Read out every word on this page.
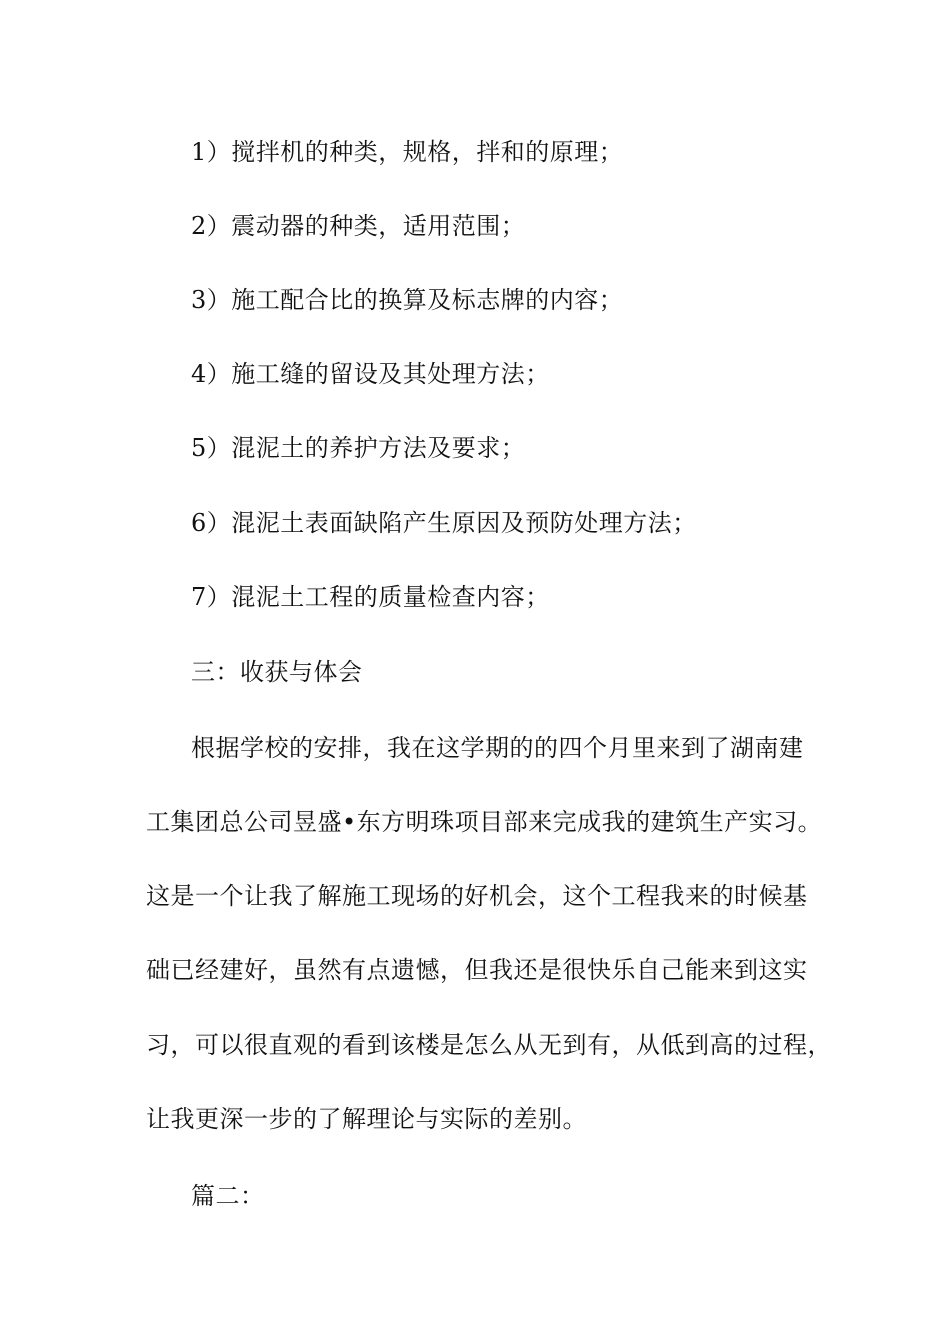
1）搅拌机的种类，规格，拌和的原理；
2）震动器的种类，适用范围；
3）施工配合比的换算及标志牌的内容；
4）施工缝的留设及其处理方法；
5）混泥土的养护方法及要求；
6）混泥土表面缺陷产生原因及预防处理方法；
7）混泥土工程的质量检查内容；
三：收获与体会
根据学校的安排，我在这学期的的四个月里来到了湖南建
工集团总公司昱盛•东方明珠项目部来完成我的建筑生产实习。
这是一个让我了解施工现场的好机会，这个工程我来的时候基
础已经建好，虽然有点遗憾，但我还是很快乐自己能来到这实
习，可以很直观的看到该楼是怎么从无到有，从低到高的过程，
让我更深一步的了解理论与实际的差别。
篇二：
